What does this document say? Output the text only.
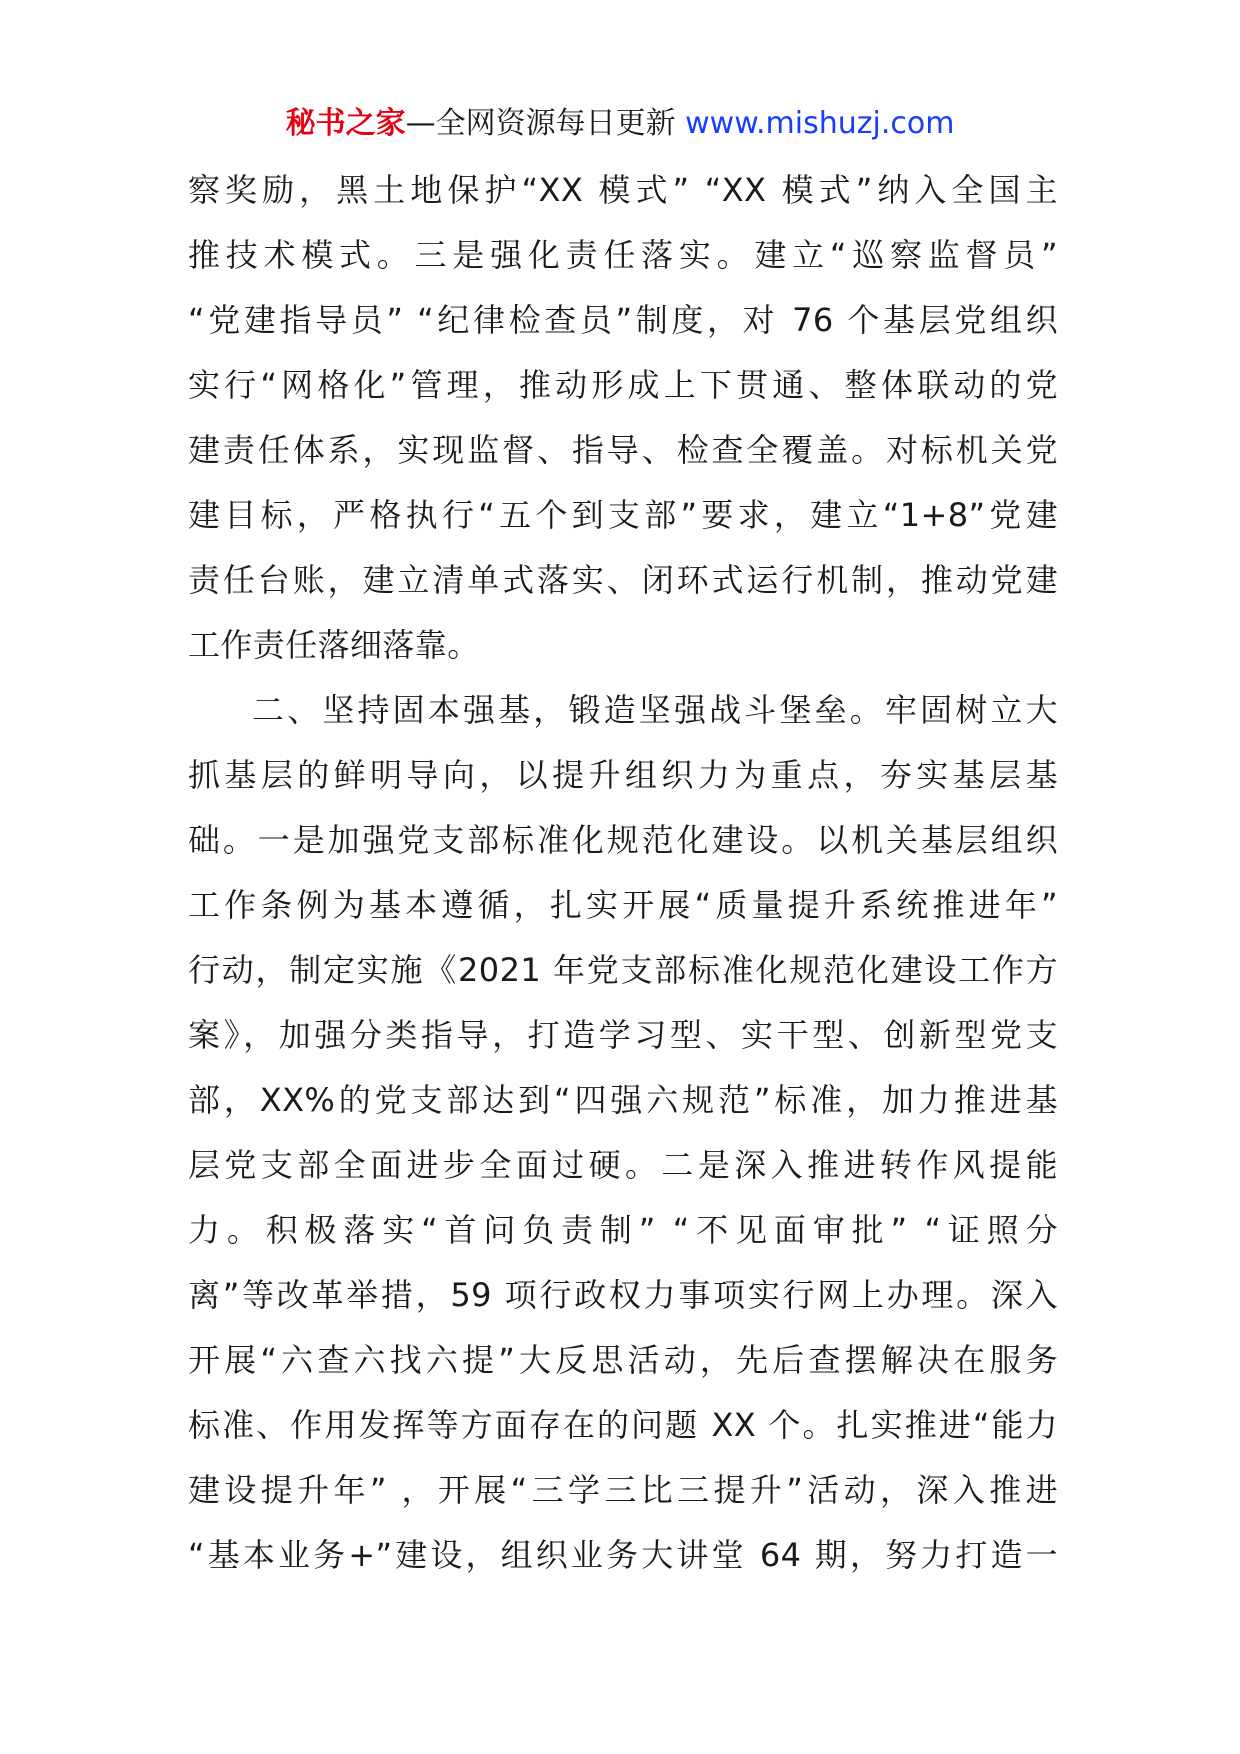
秘书之家—全网资源每日更新 www.mishuzj.com
察奖励，黑土地保护“XX 模式” “XX 模式”纳入全国主
推技术模式。三是强化责任落实。建立“巡察监督员”
“党建指导员” “纪律检查员”制度，对 76 个基层党组织
实行“网格化”管理，推动形成上下贯通、整体联动的党
建责任体系，实现监督、指导、检查全覆盖。对标机关党
建目标，严格执行“五个到支部”要求，建立“1+8”党建
责任台账，建立清单式落实、闭环式运行机制，推动党建
工作责任落细落靠。
二、坚持固本强基，锻造坚强战斗堡垒。牢固树立大
抓基层的鲜明导向，以提升组织力为重点，夯实基层基
础。一是加强党支部标准化规范化建设。以机关基层组织
工作条例为基本遵循，扎实开展“质量提升系统推进年”
行动，制定实施《2021 年党支部标准化规范化建设工作方
案》，加强分类指导，打造学习型、实干型、创新型党支
部，XX%的党支部达到“四强六规范”标准，加力推进基
层党支部全面进步全面过硬。二是深入推进转作风提能
力。积极落实“首问负责制” “不见面审批” “证照分
离”等改革举措，59 项行政权力事项实行网上办理。深入
开展“六查六找六提”大反思活动，先后查摆解决在服务
标准、作用发挥等方面存在的问题 XX 个。扎实推进“能力
建设提升年” ，开展“三学三比三提升”活动，深入推进
“基本业务+”建设，组织业务大讲堂 64 期，努力打造一
